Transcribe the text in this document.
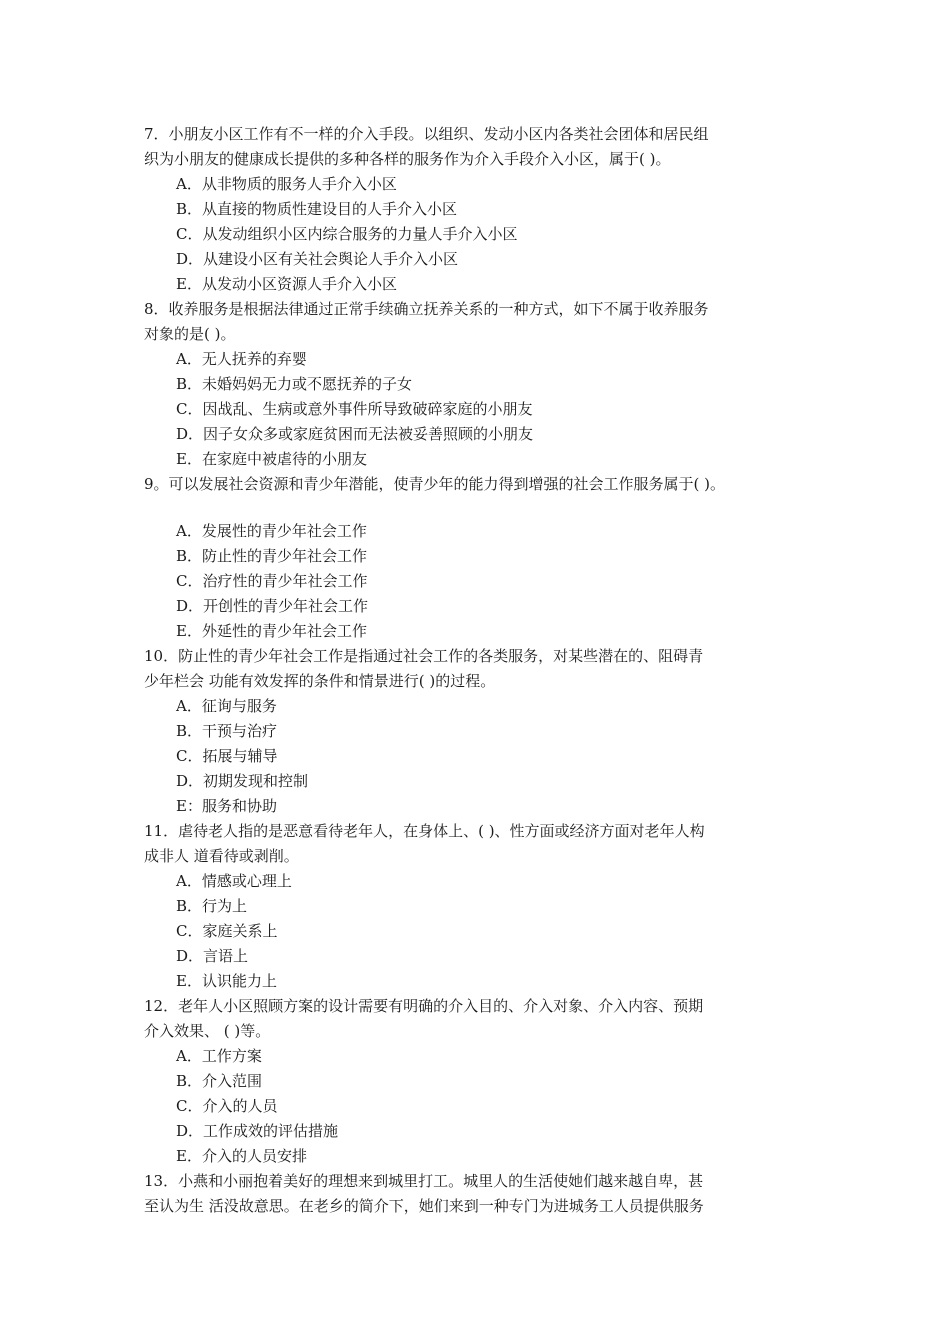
7．小朋友小区工作有不一样的介入手段。以组织、发动小区内各类社会团体和居民组
织为小朋友的健康成长提供的多种各样的服务作为介入手段介入小区，属于( )。

A．从非物质的服务人手介入小区

B．从直接的物质性建设目的人手介入小区

C．从发动组织小区内综合服务的力量人手介入小区

D．从建设小区有关社会舆论人手介入小区

E．从发动小区资源人手介入小区

8．收养服务是根据法律通过正常手续确立抚养关系的一种方式，如下不属于收养服务
对象的是( )。

A．无人抚养的弃婴

B．未婚妈妈无力或不愿抚养的子女

C．因战乱、生病或意外事件所导致破碎家庭的小朋友

D．因子女众多或家庭贫困而无法被妥善照顾的小朋友

E．在家庭中被虐待的小朋友

9。可以发展社会资源和青少年潜能，使青少年的能力得到增强的社会工作服务属于( )。

A．发展性的青少年社会工作

B．防止性的青少年社会工作

C．治疗性的青少年社会工作

D．开创性的青少年社会工作

E．外延性的青少年社会工作

10．防止性的青少年社会工作是指通过社会工作的各类服务，对某些潜在的、阻碍青
少年栏会 功能有效发挥的条件和情景进行( )的过程。

A．征询与服务

B．干预与治疗

C．拓展与辅导

D．初期发现和控制

E：服务和协助

11．虐待老人指的是恶意看待老年人，在身体上、( )、性方面或经济方面对老年人构
成非人 道看待或剥削。

A．情感或心理上

B．行为上

C．家庭关系上

D．言语上

E．认识能力上

12．老年人小区照顾方案的设计需要有明确的介入目的、介入对象、介入内容、预期
介入效果、 ( )等。

A．工作方案

B．介入范围

C．介入的人员

D．工作成效的评估措施

E．介入的人员安排

13．小燕和小丽抱着美好的理想来到城里打工。城里人的生活使她们越来越自卑，甚
至认为生 活没故意思。在老乡的简介下，她们来到一种专门为进城务工人员提供服务
